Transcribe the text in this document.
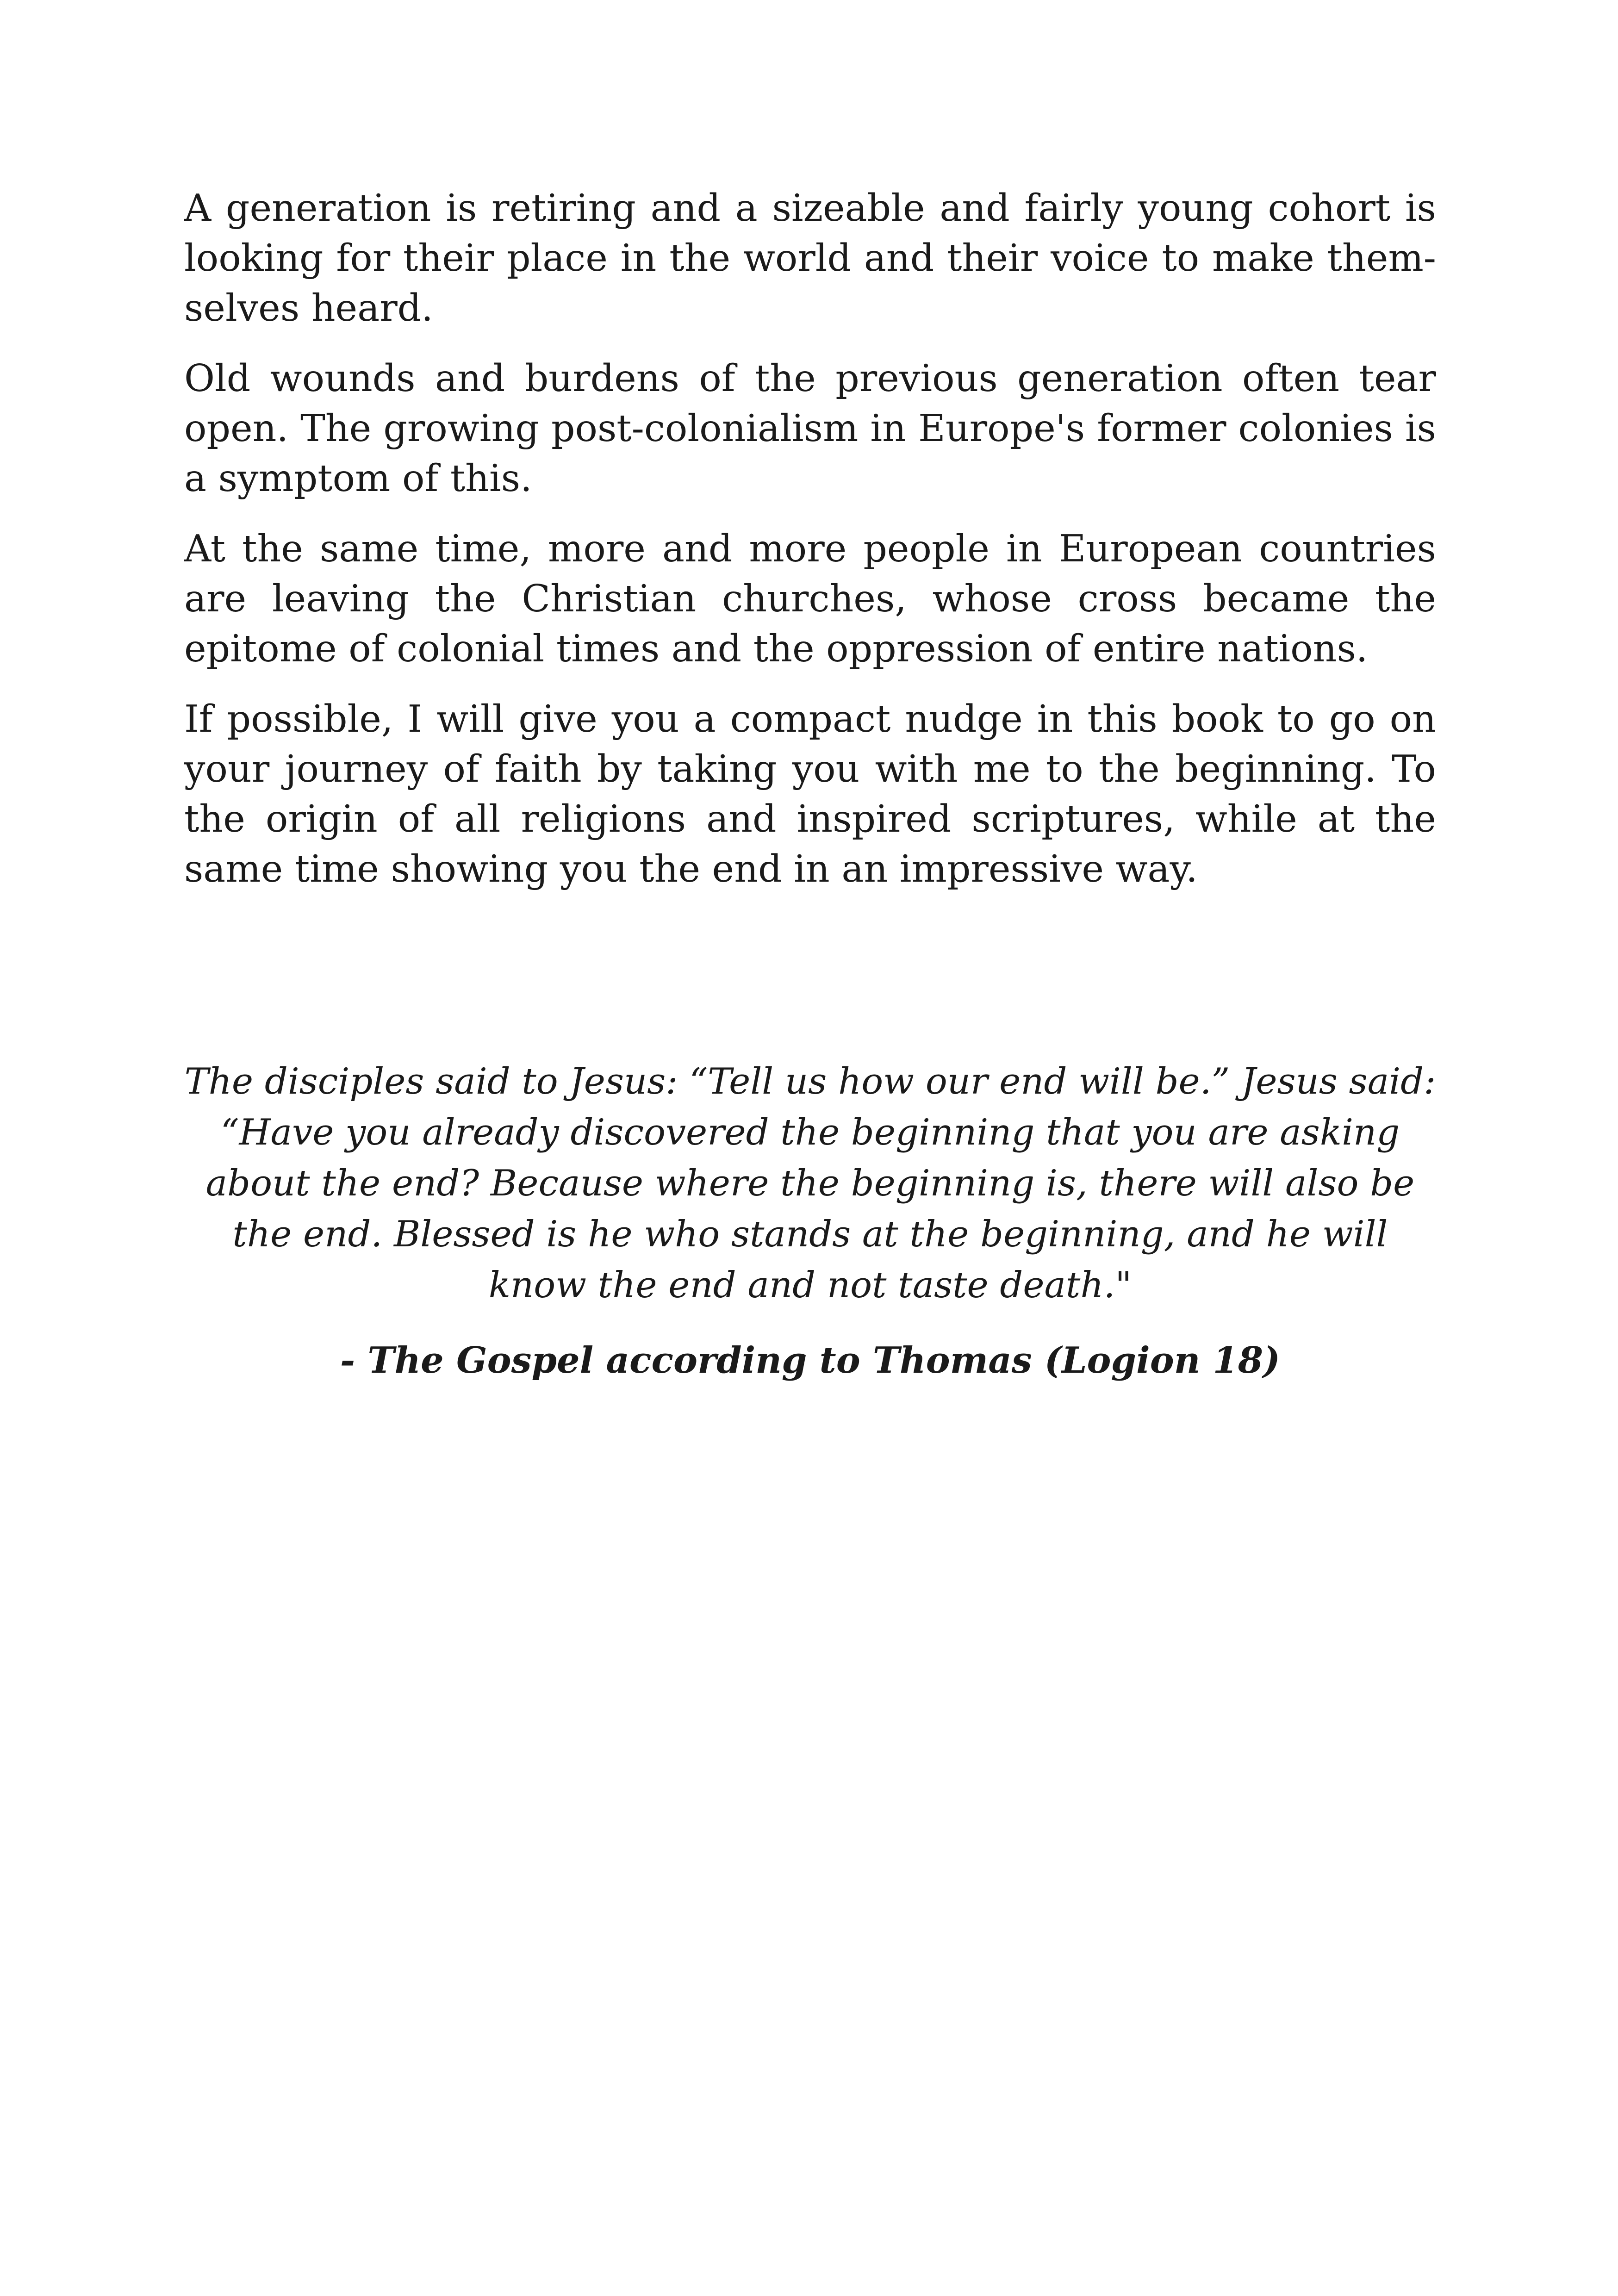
A generation is retiring and a sizeable and fairly young cohort is looking for their place in the world and their voice to make themselves heard.

Old wounds and burdens of the previous generation often tear open. The growing post-colonialism in Europe's former colonies is a symptom of this.

At the same time, more and more people in European countries are leaving the Christian churches, whose cross became the epitome of colonial times and the oppression of entire nations.

If possible, I will give you a compact nudge in this book to go on your journey of faith by taking you with me to the beginning. To the origin of all religions and inspired scriptures, while at the same time showing you the end in an impressive way.

The disciples said to Jesus: “Tell us how our end will be.” Jesus said: “Have you already discovered the beginning that you are asking about the end? Because where the beginning is, there will also be the end. Blessed is he who stands at the beginning, and he will know the end and not taste death."

- The Gospel according to Thomas (Logion 18)
